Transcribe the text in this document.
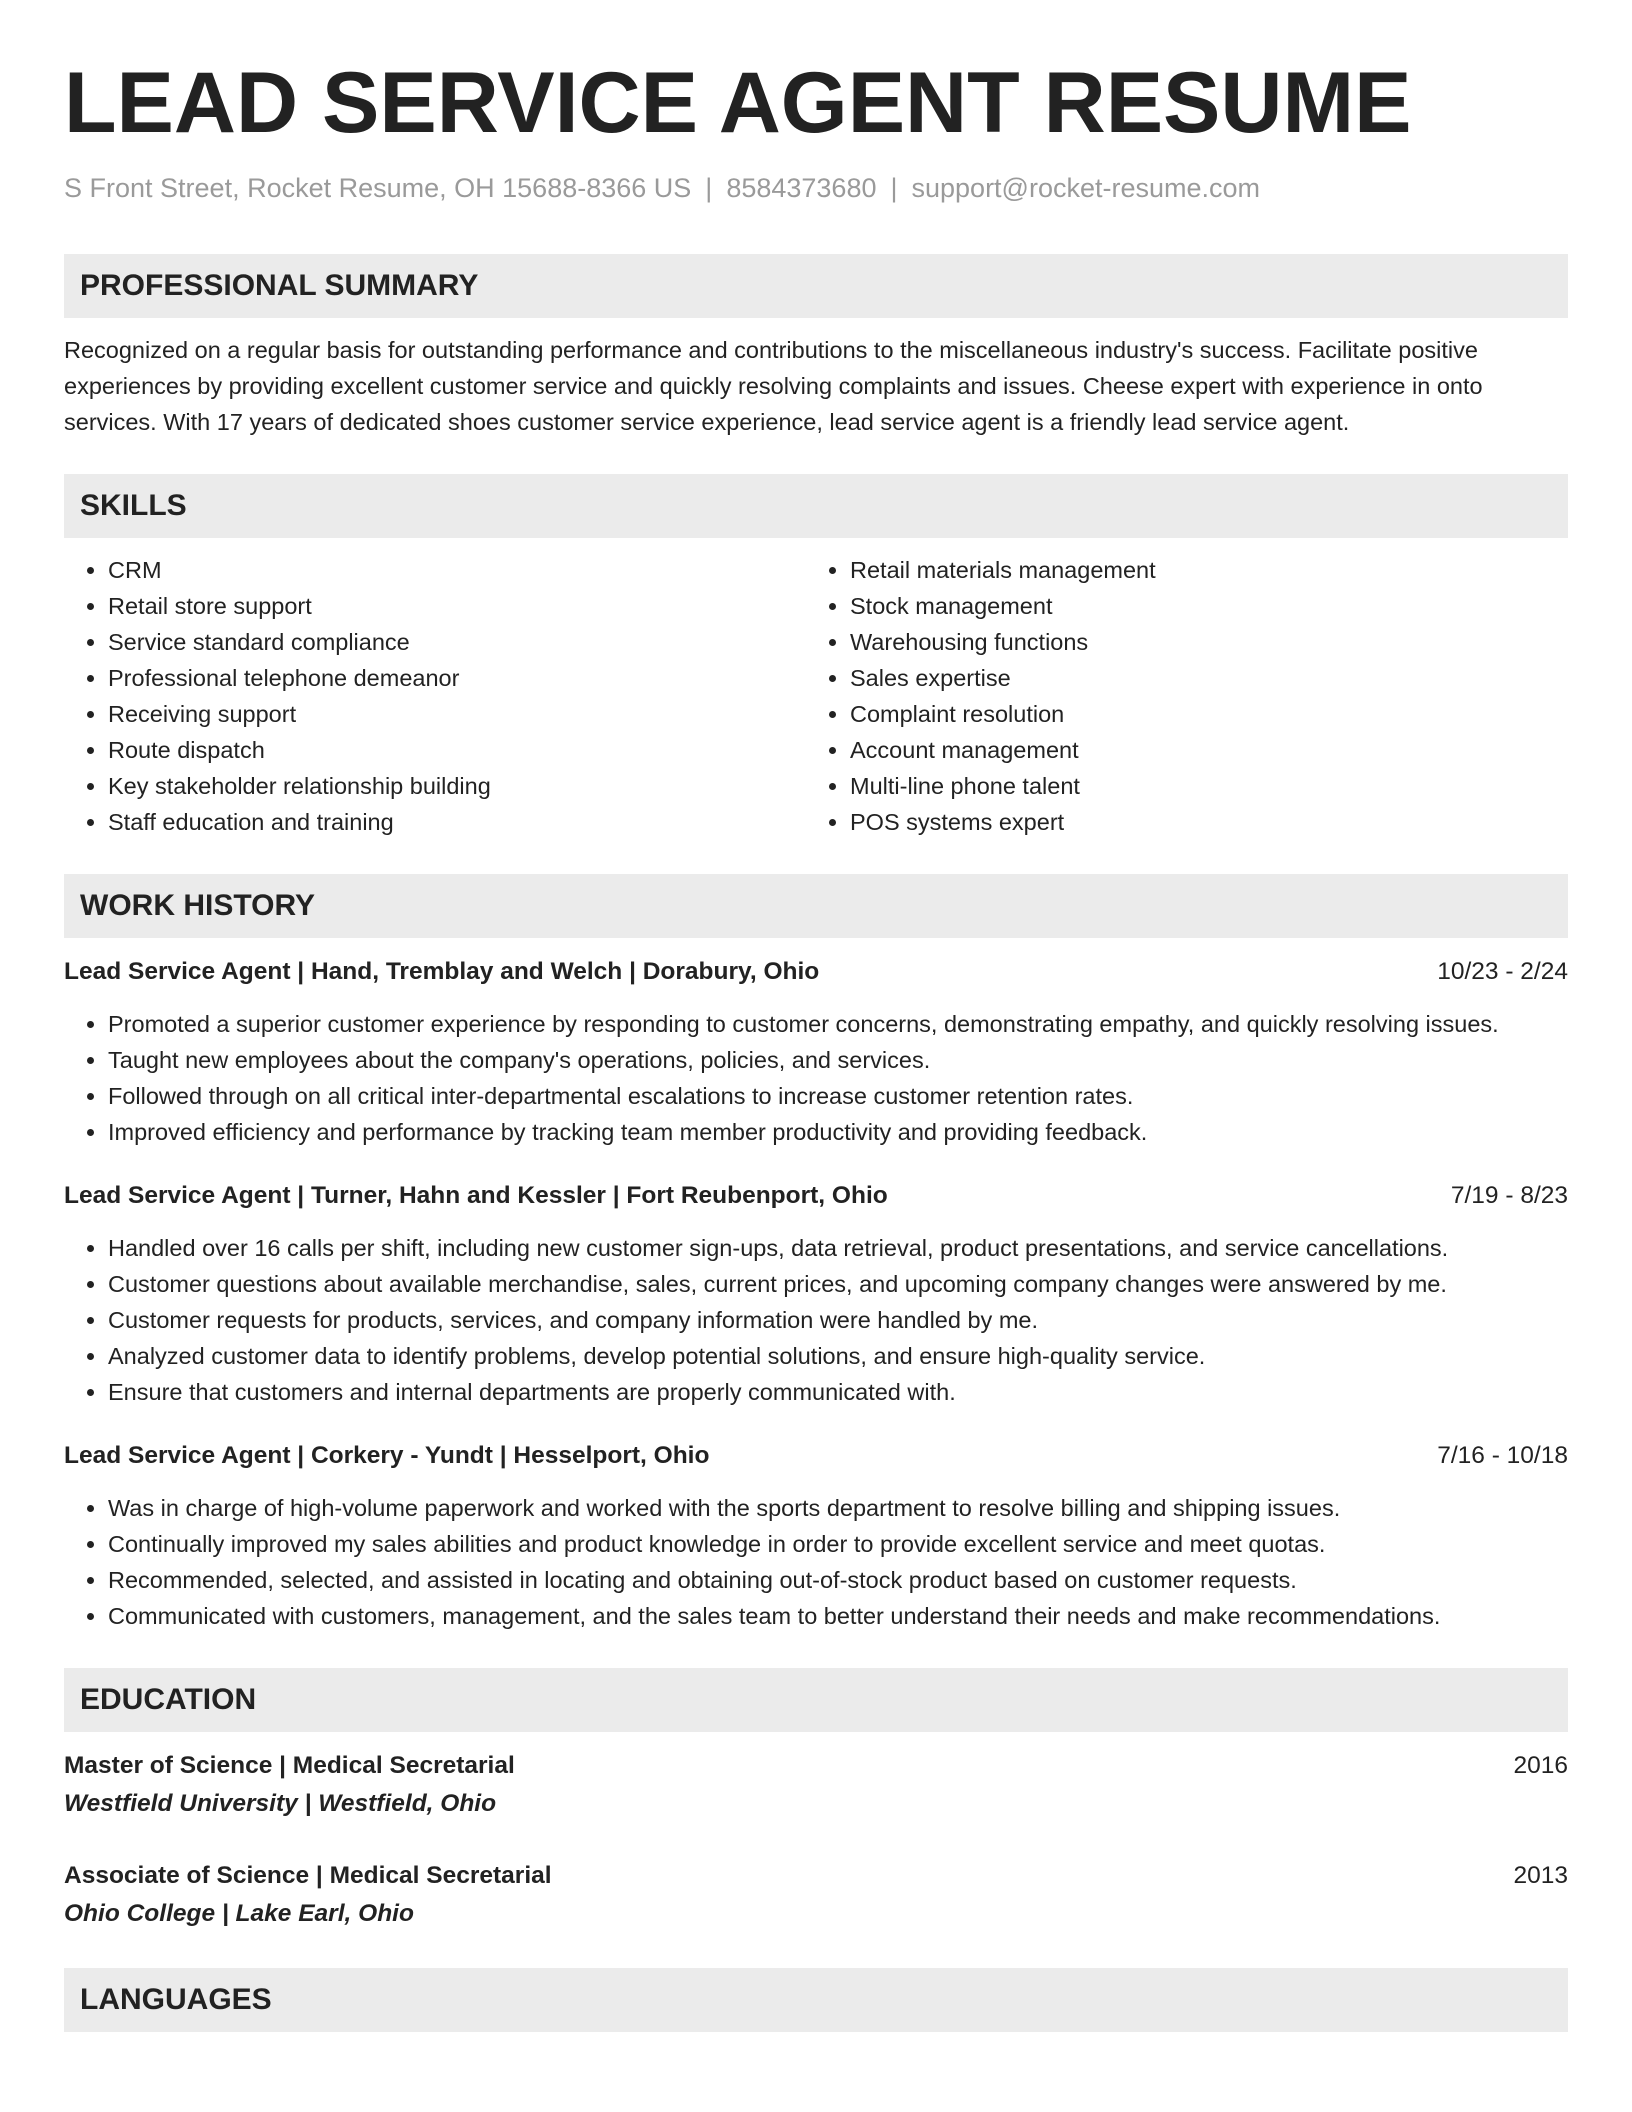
LEAD SERVICE AGENT RESUME
S Front Street, Rocket Resume, OH 15688-8366 US | 8584373680 | support@rocket-resume.com
PROFESSIONAL SUMMARY

Recognized on a regular basis for outstanding performance and contributions to the miscellaneous industry's success. Facilitate positive experiences by providing excellent customer service and quickly resolving complaints and issues. Cheese expert with experience in onto services. With 17 years of dedicated shoes customer service experience, lead service agent is a friendly lead service agent.

SKILLS
• CRM
• Retail store support
• Service standard compliance
• Professional telephone demeanor
• Receiving support
• Route dispatch
• Key stakeholder relationship building
• Staff education and training
• Retail materials management
• Stock management
• Warehousing functions
• Sales expertise
• Complaint resolution
• Account management
• Multi-line phone talent
• POS systems expert
WORK HISTORY
Lead Service Agent | Hand, Tremblay and Welch | Dorabury, Ohio	10/23 - 2/24
• Promoted a superior customer experience by responding to customer concerns, demonstrating empathy, and quickly resolving issues.
• Taught new employees about the company's operations, policies, and services.
• Followed through on all critical inter-departmental escalations to increase customer retention rates.
• Improved efficiency and performance by tracking team member productivity and providing feedback.
Lead Service Agent | Turner, Hahn and Kessler | Fort Reubenport, Ohio	7/19 - 8/23
• Handled over 16 calls per shift, including new customer sign-ups, data retrieval, product presentations, and service cancellations.
• Customer questions about available merchandise, sales, current prices, and upcoming company changes were answered by me.
• Customer requests for products, services, and company information were handled by me.
• Analyzed customer data to identify problems, develop potential solutions, and ensure high-quality service.
• Ensure that customers and internal departments are properly communicated with.
Lead Service Agent | Corkery - Yundt | Hesselport, Ohio	7/16 - 10/18
• Was in charge of high-volume paperwork and worked with the sports department to resolve billing and shipping issues.
• Continually improved my sales abilities and product knowledge in order to provide excellent service and meet quotas.
• Recommended, selected, and assisted in locating and obtaining out-of-stock product based on customer requests.
• Communicated with customers, management, and the sales team to better understand their needs and make recommendations.
EDUCATION
Master of Science | Medical Secretarial	2016
Westfield University | Westfield, Ohio
Associate of Science | Medical Secretarial	2013
Ohio College | Lake Earl, Ohio
LANGUAGES
